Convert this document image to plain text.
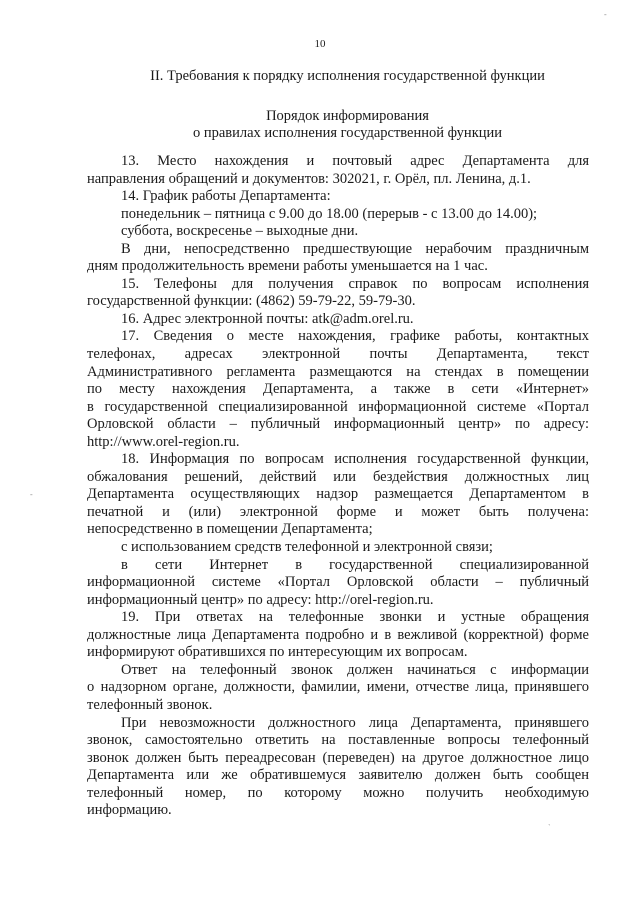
10
II. Требования к порядку исполнения государственной функции
Порядок информирования
о правилах исполнения государственной функции
13. Место нахождения и почтовый адрес Департамента для
направления обращений и документов: 302021, г. Орёл, пл. Ленина, д.1.
14. График работы Департамента:
понедельник – пятница с 9.00 до 18.00 (перерыв - с 13.00 до 14.00);
суббота, воскресенье – выходные дни.
В дни, непосредственно предшествующие нерабочим праздничным
дням продолжительность времени работы уменьшается на 1 час.
15. Телефоны для получения справок по вопросам исполнения
государственной функции: (4862) 59-79-22, 59-79-30.
16. Адрес электронной почты: atk@adm.orel.ru.
17. Сведения о месте нахождения, графике работы, контактных
телефонах, адресах электронной почты Департамента, текст
Административного регламента размещаются на стендах в помещении
по месту нахождения Департамента, а также в сети «Интернет»
в государственной специализированной информационной системе «Портал
Орловской области – публичный информационный центр» по адресу:
http://www.orel-region.ru.
18. Информация по вопросам исполнения государственной функции,
обжалования решений, действий или бездействия должностных лиц
Департамента осуществляющих надзор размещается Департаментом в
печатной и (или) электронной форме и может быть получена:
непосредственно в помещении Департамента;
с использованием средств телефонной и электронной связи;
в сети Интернет в государственной специализированной
информационной системе «Портал Орловской области – публичный
информационный центр» по адресу: http://orel-region.ru.
19. При ответах на телефонные звонки и устные обращения
должностные лица Департамента подробно и в вежливой (корректной) форме
информируют обратившихся по интересующим их вопросам.
Ответ на телефонный звонок должен начинаться с информации
о надзорном органе, должности, фамилии, имени, отчестве лица, принявшего
телефонный звонок.
При невозможности должностного лица Департамента, принявшего
звонок, самостоятельно ответить на поставленные вопросы телефонный
звонок должен быть переадресован (переведен) на другое должностное лицо
Департамента или же обратившемуся заявителю должен быть сообщен
телефонный номер, по которому можно получить необходимую
информацию.
-
-
`
